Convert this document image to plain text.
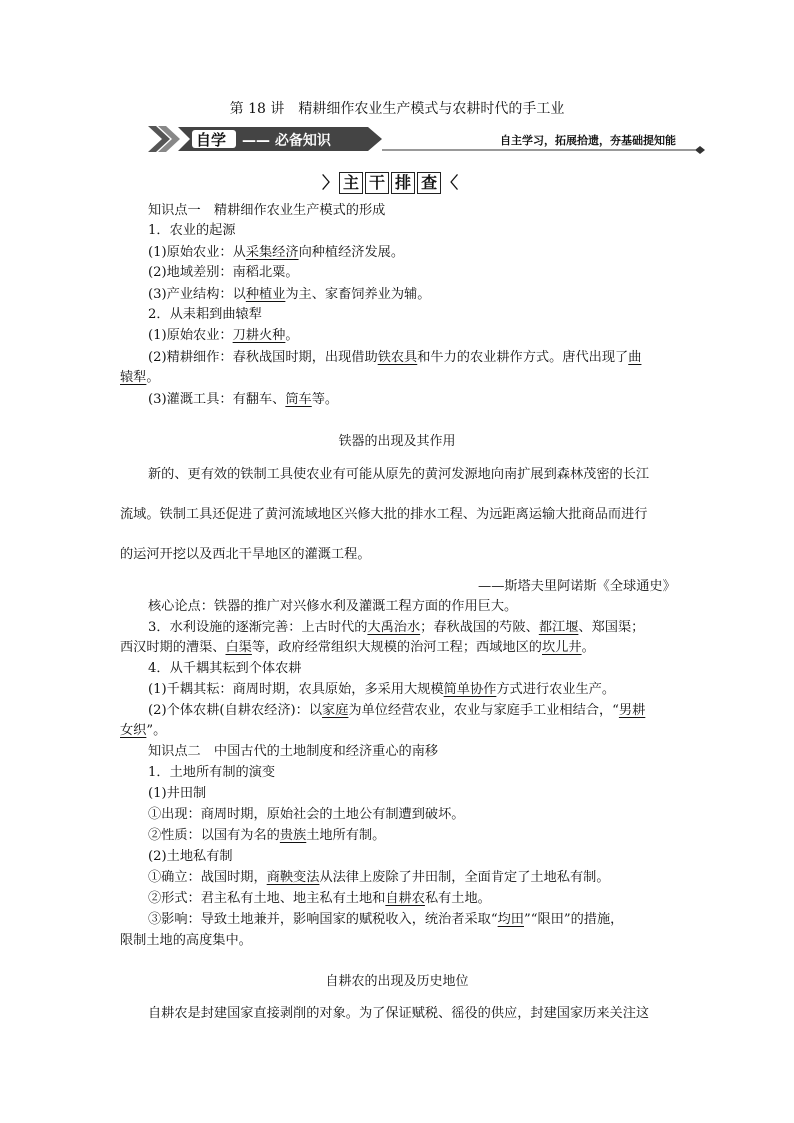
第 18 讲　精耕细作农业生产模式与农耕时代的手工业
自学 —— 必备知识	自主学习，拓展拾遗，夯基础提知能
〉 主 干 排 查 〈
知识点一　精耕细作农业生产模式的形成
1．农业的起源
(1)原始农业：从采集经济向种植经济发展。
(2)地域差别：南稻北粟。
(3)产业结构：以种植业为主、家畜饲养业为辅。
2．从耒耜到曲辕犁
(1)原始农业：刀耕火种。
(2)精耕细作：春秋战国时期，出现借助铁农具和牛力的农业耕作方式。唐代出现了曲
辕犁。
(3)灌溉工具：有翻车、筒车等。
铁器的出现及其作用
新的、更有效的铁制工具使农业有可能从原先的黄河发源地向南扩展到森林茂密的长江
流域。铁制工具还促进了黄河流域地区兴修大批的排水工程、为远距离运输大批商品而进行
的运河开挖以及西北干旱地区的灌溉工程。
——斯塔夫里阿诺斯《全球通史》
核心论点：铁器的推广对兴修水利及灌溉工程方面的作用巨大。
3．水利设施的逐渐完善：上古时代的大禹治水；春秋战国的芍陂、都江堰、郑国渠；
西汉时期的漕渠、白渠等，政府经常组织大规模的治河工程；西域地区的坎儿井。
4．从千耦其耘到个体农耕
(1)千耦其耘：商周时期，农具原始，多采用大规模简单协作方式进行农业生产。
(2)个体农耕(自耕农经济)：以家庭为单位经营农业，农业与家庭手工业相结合，“男耕
女织”。
知识点二　中国古代的土地制度和经济重心的南移
1．土地所有制的演变
(1)井田制
①出现：商周时期，原始社会的土地公有制遭到破坏。
②性质：以国有为名的贵族土地所有制。
(2)土地私有制
①确立：战国时期，商鞅变法从法律上废除了井田制，全面肯定了土地私有制。
②形式：君主私有土地、地主私有土地和自耕农私有土地。
③影响：导致土地兼并，影响国家的赋税收入，统治者采取“均田”“限田”的措施，
限制土地的高度集中。
自耕农的出现及历史地位
自耕农是封建国家直接剥削的对象。为了保证赋税、徭役的供应，封建国家历来关注这
